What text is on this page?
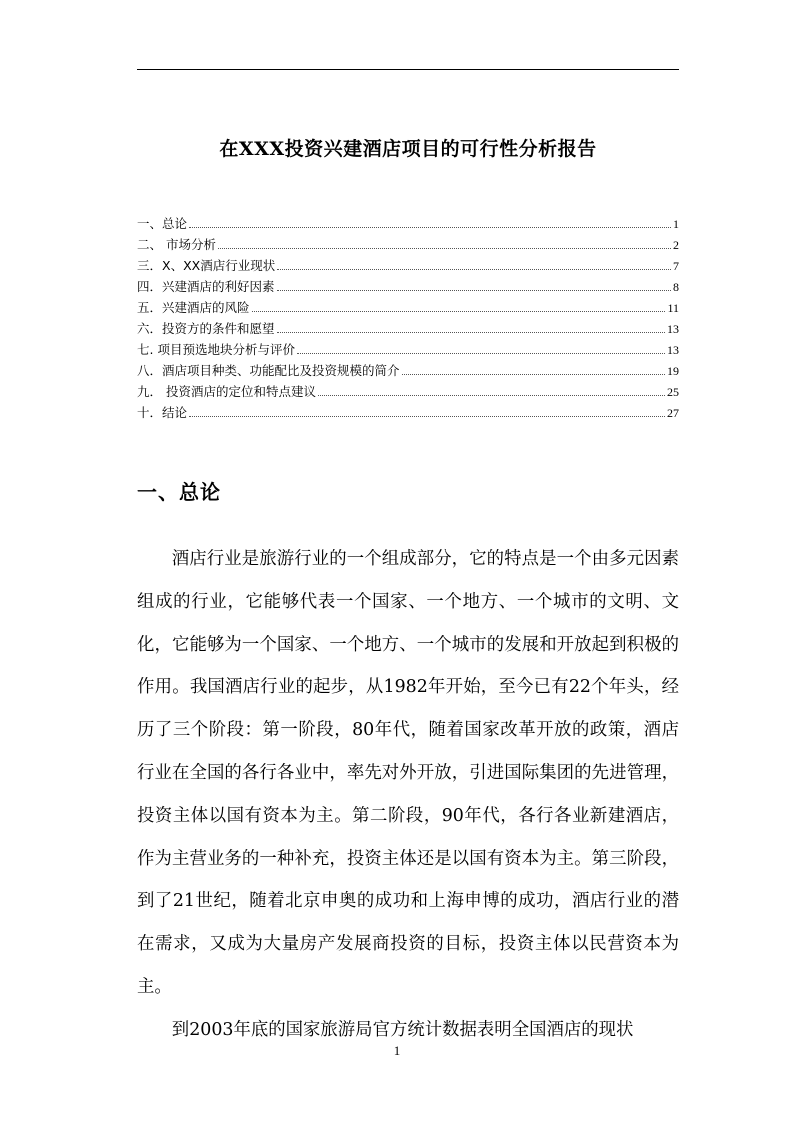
在XXX投资兴建酒店项目的可行性分析报告
一、总论	1
二、 市场分析	2
三．X、XX酒店行业现状	7
四．兴建酒店的利好因素	8
五．兴建酒店的风险	11
六．投资方的条件和愿望	13
七. 项目预选地块分析与评价	13
八．酒店项目种类、功能配比及投资规模的简介	19
九． 投资酒店的定位和特点建议	25
十．结论	27
一、总论

酒店行业是旅游行业的一个组成部分，它的特点是一个由多元因素组成的行业，它能够代表一个国家、一个地方、一个城市的文明、文化，它能够为一个国家、一个地方、一个城市的发展和开放起到积极的作用。我国酒店行业的起步，从1982年开始，至今已有22个年头，经历了三个阶段：第一阶段，80年代，随着国家改革开放的政策，酒店行业在全国的各行各业中，率先对外开放，引进国际集团的先进管理，投资主体以国有资本为主。第二阶段，90年代，各行各业新建酒店，作为主营业务的一种补充，投资主体还是以国有资本为主。第三阶段，到了21世纪，随着北京申奥的成功和上海申博的成功，酒店行业的潜在需求，又成为大量房产发展商投资的目标，投资主体以民营资本为主。

到2003年底的国家旅游局官方统计数据表明全国酒店的现状

1
